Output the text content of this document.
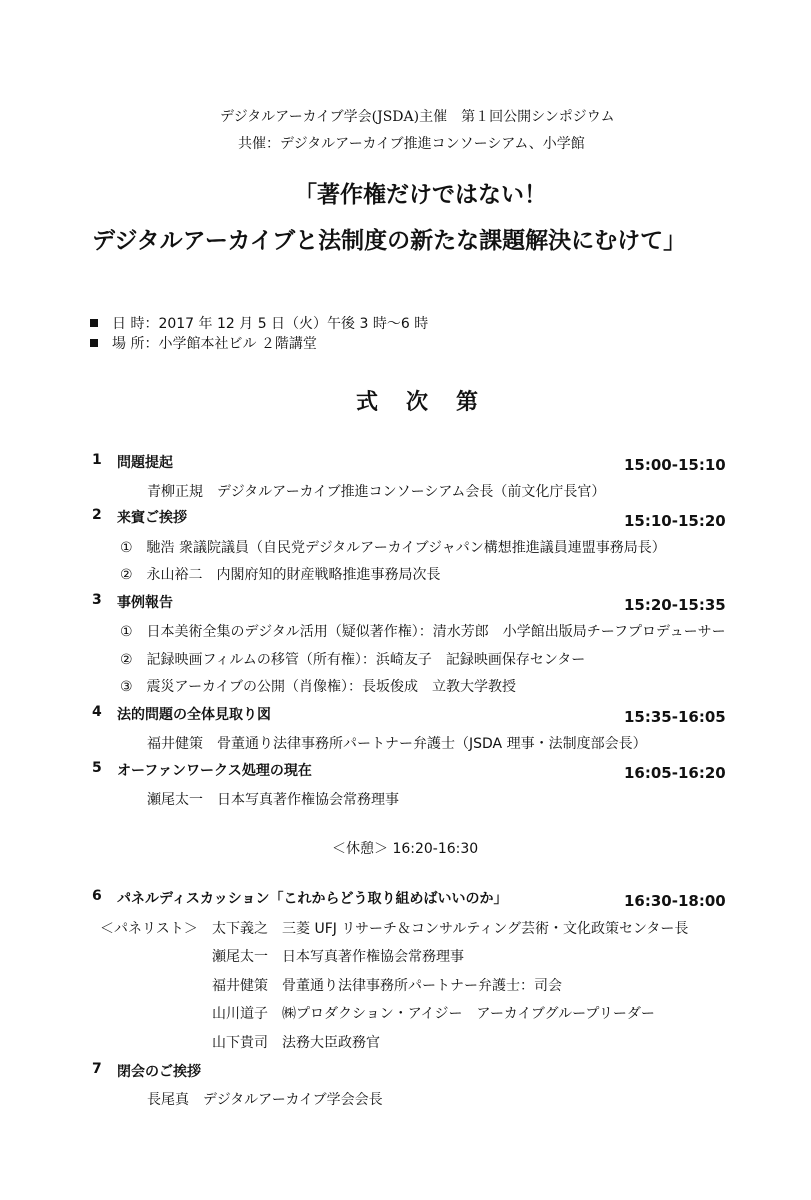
デジタルアーカイブ学会(JSDA)主催　第１回公開シンポジウム
共催：デジタルアーカイブ推進コンソーシアム、小学館
「著作権だけではない！
デジタルアーカイブと法制度の新たな課題解決にむけて」
日 時：2017 年 12 月 5 日（火）午後 3 時～6 時
場 所：小学館本社ビル ２階講堂
式次第
1 問題提起	15:00-15:10
青柳正規　デジタルアーカイブ推進コンソーシアム会長（前文化庁長官）
2 来賓ご挨拶	15:10-15:20
①　馳浩 衆議院議員（自民党デジタルアーカイブジャパン構想推進議員連盟事務局長）
②　永山裕二　内閣府知的財産戦略推進事務局次長
3 事例報告	15:20-15:35
①　日本美術全集のデジタル活用（疑似著作権）：清水芳郎　小学館出版局チーフプロデューサー
②　記録映画フィルムの移管（所有権）：浜崎友子　記録映画保存センター
③　震災アーカイブの公開（肖像権）：長坂俊成　立教大学教授
4 法的問題の全体見取り図	15:35-16:05
福井健策　骨董通り法律事務所パートナー弁護士（JSDA 理事・法制度部会長）
5 オーファンワークス処理の現在	16:05-16:20
瀬尾太一　日本写真著作権協会常務理事
＜休憩＞ 16:20-16:30
6 パネルディスカッション「これからどう取り組めばいいのか」	16:30-18:00
＜パネリスト＞ 太下義之　三菱 UFJ リサーチ＆コンサルティング芸術・文化政策センター長
瀬尾太一　日本写真著作権協会常務理事
福井健策　骨董通り法律事務所パートナー弁護士：司会
山川道子　㈱プロダクション・アイジー　アーカイブグループリーダー
山下貴司　法務大臣政務官
7 閉会のご挨拶
長尾真　デジタルアーカイブ学会会長
